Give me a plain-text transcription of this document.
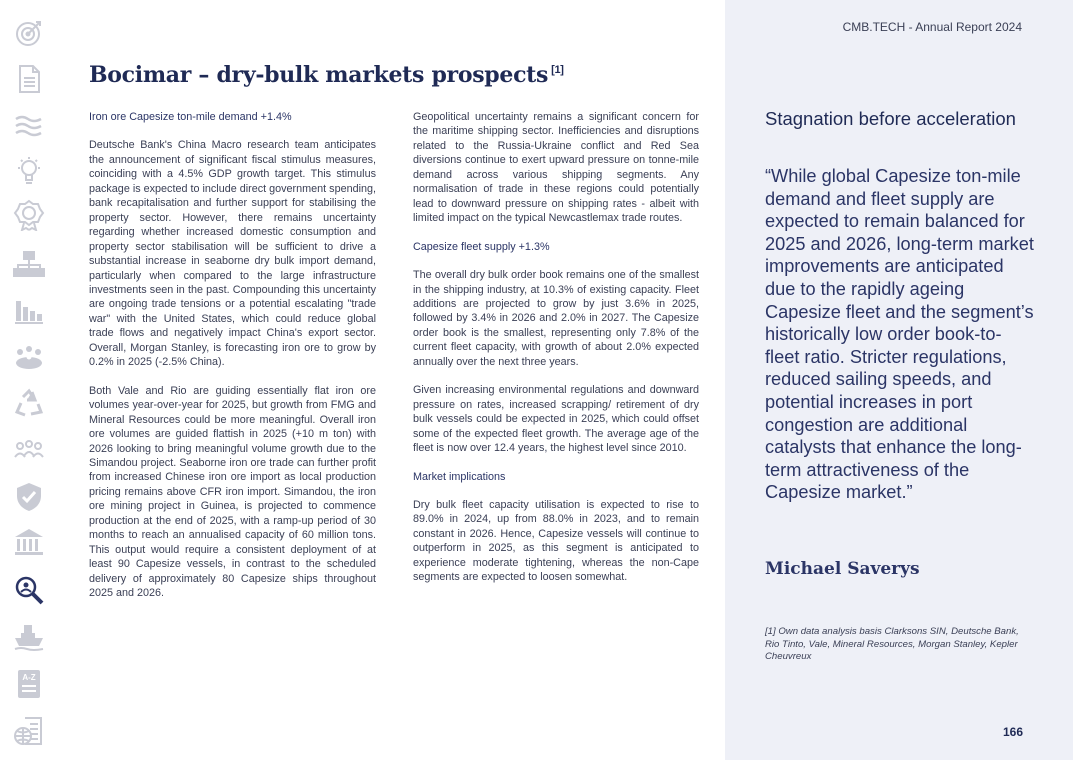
A-Z
CMB.TECH - Annual Report 2024
Bocimar – dry-bulk markets prospects [1]
Iron ore Capesize ton-mile demand +1.4%

Deutsche Bank's China Macro research team anticipates the announcement of significant fiscal stimulus measures, coinciding with a 4.5% GDP growth target. This stimulus package is expected to include direct government spending, bank recapitalisation and further support for stabilising the property sector. However, there remains uncertainty regarding whether increased domestic consumption and property sector stabilisation will be sufficient to drive a substantial increase in seaborne dry bulk import demand, particularly when compared to the large infrastructure investments seen in the past. Compounding this uncertainty are ongoing trade tensions or a potential escalating "trade war" with the United States, which could reduce global trade flows and negatively impact China's export sector. Overall, Morgan Stanley, is forecasting iron ore to grow by 0.2% in 2025 (-2.5% China).

Both Vale and Rio are guiding essentially flat iron ore volumes year-over-year for 2025, but growth from FMG and Mineral Resources could be more meaningful. Overall iron ore volumes are guided flattish in 2025 (+10 m ton) with 2026 looking to bring meaningful volume growth due to the Simandou project. Seaborne iron ore trade can further profit from increased Chinese iron ore import as local production pricing remains above CFR iron import. Simandou, the iron ore mining project in Guinea, is projected to commence production at the end of 2025, with a ramp-up period of 30 months to reach an annualised capacity of 60 million tons. This output would require a consistent deployment of at least 90 Capesize vessels, in contrast to the scheduled delivery of approximately 80 Capesize ships throughout 2025 and 2026.

Geopolitical uncertainty remains a significant concern for the maritime shipping sector. Inefficiencies and disruptions related to the Russia-Ukraine conflict and Red Sea diversions continue to exert upward pressure on tonne-mile demand across various shipping segments. Any normalisation of trade in these regions could potentially lead to downward pressure on shipping rates - albeit with limited impact on the typical Newcastlemax trade routes.

Capesize fleet supply +1.3%

The overall dry bulk order book remains one of the smallest in the shipping industry, at 10.3% of existing capacity. Fleet additions are projected to grow by just 3.6% in 2025, followed by 3.4% in 2026 and 2.0% in 2027. The Capesize order book is the smallest, representing only 7.8% of the current fleet capacity, with growth of about 2.0% expected annually over the next three years.

Given increasing environmental regulations and downward pressure on rates, increased scrapping/ retirement of dry bulk vessels could be expected in 2025, which could offset some of the expected fleet growth. The average age of the fleet is now over 12.4 years, the highest level since 2010.

Market implications

Dry bulk fleet capacity utilisation is expected to rise to 89.0% in 2024, up from 88.0% in 2023, and to remain constant in 2026. Hence, Capesize vessels will continue to outperform in 2025, as this segment is anticipated to experience moderate tightening, whereas the non-Cape segments are expected to loosen somewhat.

Stagnation before acceleration

“While global Capesize ton-mile demand and fleet supply are expected to remain balanced for 2025 and 2026, long-term market improvements are anticipated due to the rapidly ageing Capesize fleet and the segment’s historically low order book-to-fleet ratio. Stricter regulations, reduced sailing speeds, and potential increases in port congestion are additional catalysts that enhance the long-term attractiveness of the Capesize market.”

Michael Saverys

[1] Own data analysis basis Clarksons SIN, Deutsche Bank, Rio Tinto, Vale, Mineral Resources, Morgan Stanley, Kepler Cheuvreux

166
